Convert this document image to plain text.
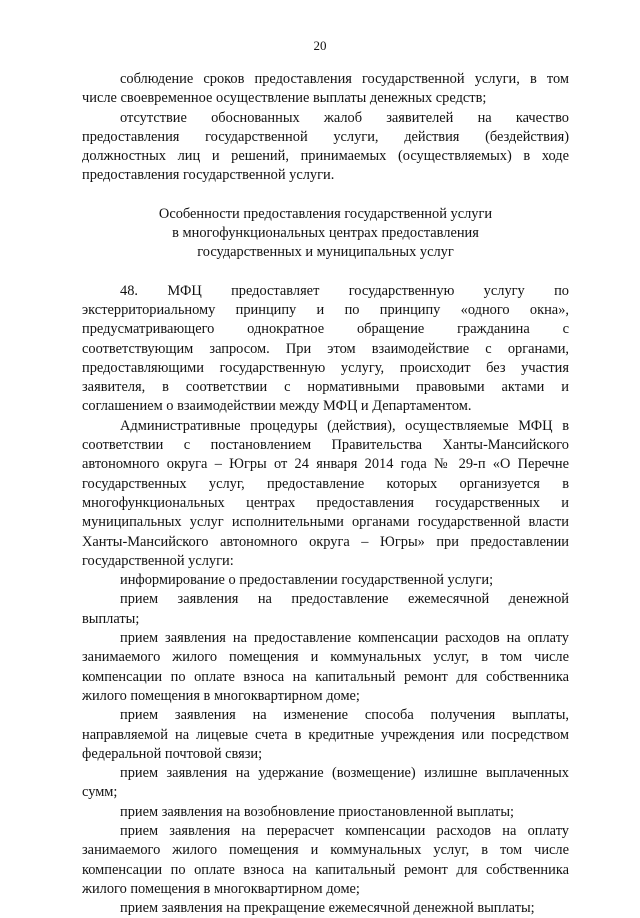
20

соблюдение сроков предоставления государственной услуги, в том

числе своевременное осуществление выплаты денежных средств;

отсутствие обоснованных жалоб заявителей на качество

предоставления государственной услуги, действия (бездействия)

должностных лиц и решений, принимаемых (осуществляемых) в ходе

предоставления государственной услуги.

Особенности предоставления государственной услуги

в многофункциональных центрах предоставления

государственных и муниципальных услуг

48. МФЦ предоставляет государственную услугу по

экстерриториальному принципу и по принципу «одного окна»,

предусматривающего однократное обращение гражданина с

соответствующим запросом. При этом взаимодействие с органами,

предоставляющими государственную услугу, происходит без участия

заявителя, в соответствии с нормативными правовыми актами и

соглашением о взаимодействии между МФЦ и Департаментом.

Административные процедуры (действия), осуществляемые МФЦ в

соответствии с постановлением Правительства Ханты-Мансийского

автономного округа – Югры от 24 января 2014 года № 29-п «О Перечне

государственных услуг, предоставление которых организуется в

многофункциональных центрах предоставления государственных и

муниципальных услуг исполнительными органами государственной власти

Ханты-Мансийского автономного округа – Югры» при предоставлении

государственной услуги:

информирование о предоставлении государственной услуги;

прием заявления на предоставление ежемесячной денежной

выплаты;

прием заявления на предоставление компенсации расходов на оплату

занимаемого жилого помещения и коммунальных услуг, в том числе

компенсации по оплате взноса на капитальный ремонт для собственника

жилого помещения в многоквартирном доме;

прием заявления на изменение способа получения выплаты,

направляемой на лицевые счета в кредитные учреждения или посредством

федеральной почтовой связи;

прием заявления на удержание (возмещение) излишне выплаченных

сумм;

прием заявления на возобновление приостановленной выплаты;

прием заявления на перерасчет компенсации расходов на оплату

занимаемого жилого помещения и коммунальных услуг, в том числе

компенсации по оплате взноса на капитальный ремонт для собственника

жилого помещения в многоквартирном доме;

прием заявления на прекращение ежемесячной денежной выплаты;
